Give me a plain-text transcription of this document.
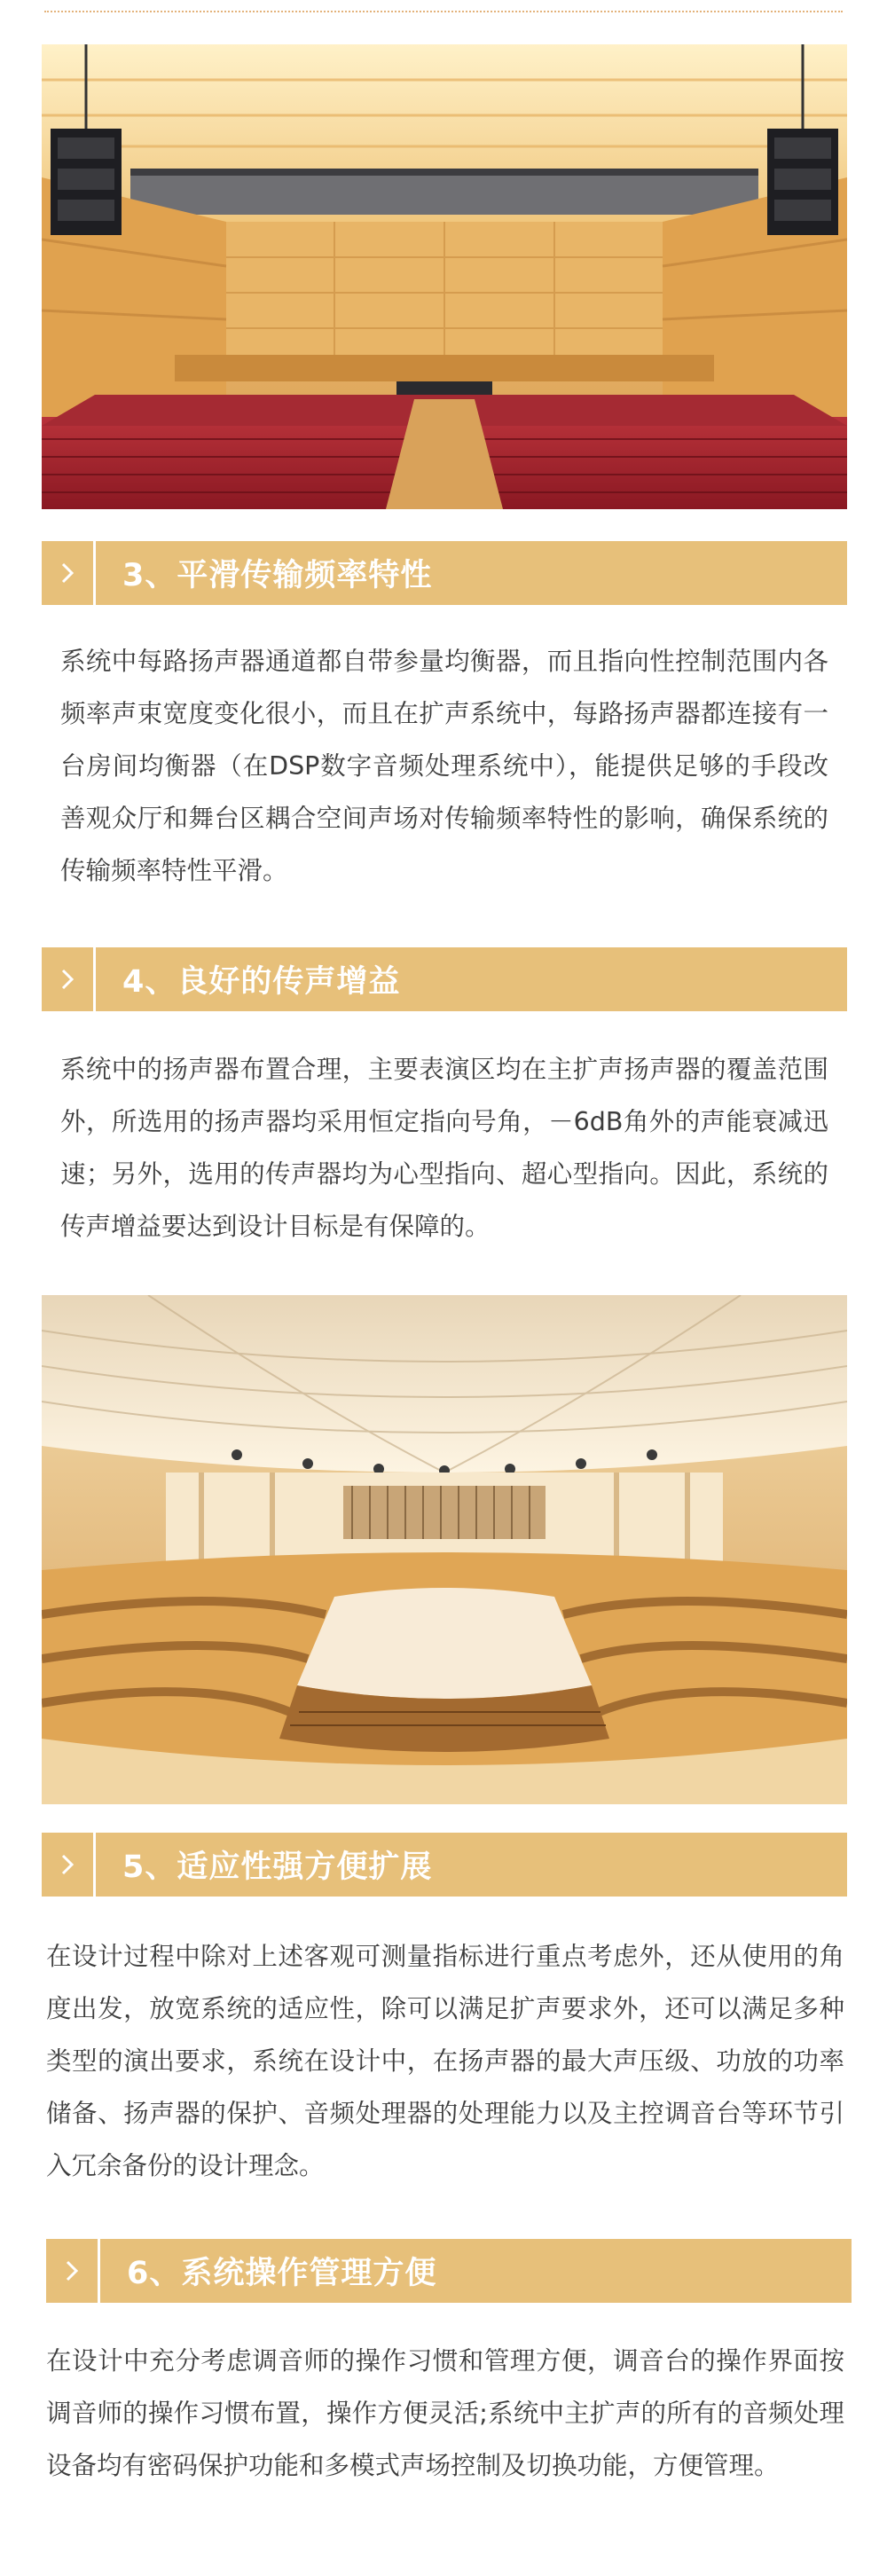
3、平滑传输频率特性
系统中每路扬声器通道都自带参量均衡器，而且指向性控制范围内各频率声束宽度变化很小，而且在扩声系统中，每路扬声器都连接有一台房间均衡器（在DSP数字音频处理系统中），能提供足够的手段改善观众厅和舞台区耦合空间声场对传输频率特性的影响，确保系统的传输频率特性平滑。
4、良好的传声增益
系统中的扬声器布置合理，主要表演区均在主扩声扬声器的覆盖范围外，所选用的扬声器均采用恒定指向号角，－6dB角外的声能衰减迅速；另外，选用的传声器均为心型指向、超心型指向。因此，系统的传声增益要达到设计目标是有保障的。
5、适应性强方便扩展
在设计过程中除对上述客观可测量指标进行重点考虑外，还从使用的角度出发，放宽系统的适应性，除可以满足扩声要求外，还可以满足多种类型的演出要求，系统在设计中，在扬声器的最大声压级、功放的功率储备、扬声器的保护、音频处理器的处理能力以及主控调音台等环节引入冗余备份的设计理念。
6、系统操作管理方便
在设计中充分考虑调音师的操作习惯和管理方便，调音台的操作界面按调音师的操作习惯布置，操作方便灵活;系统中主扩声的所有的音频处理设备均有密码保护功能和多模式声场控制及切换功能，方便管理。
